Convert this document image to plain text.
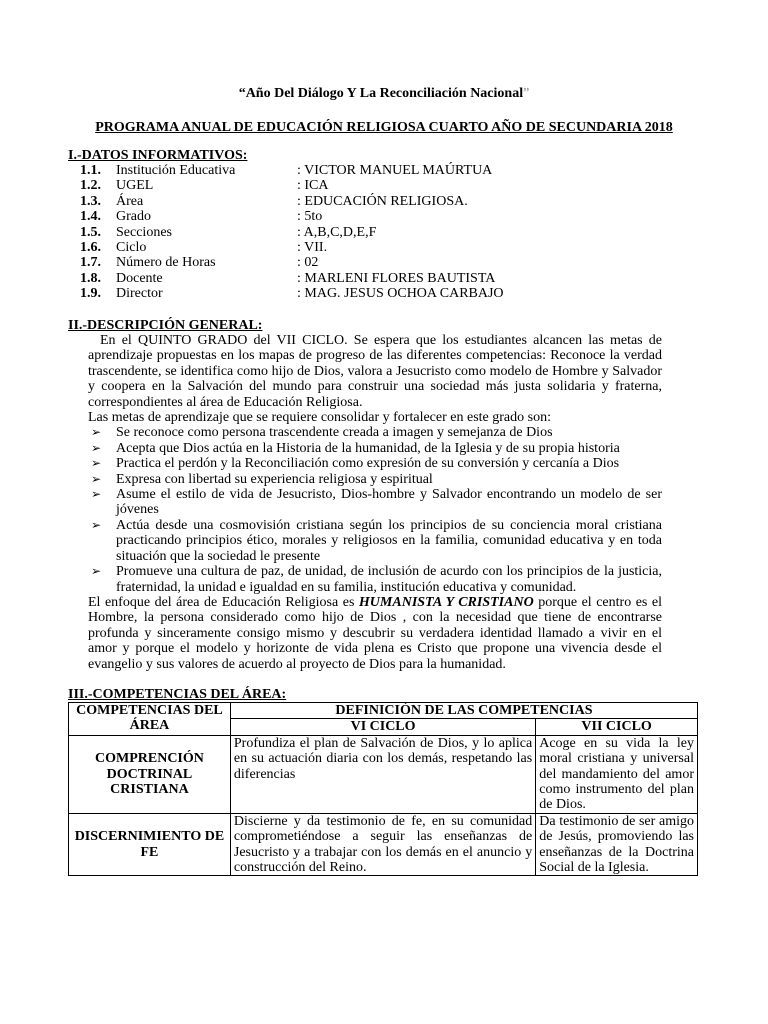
“Año Del Diálogo Y La Reconciliación Nacional”
PROGRAMA ANUAL DE EDUCACIÓN RELIGIOSA CUARTO AÑO DE SECUNDARIA 2018
I.-DATOS INFORMATIVOS:
1.1. Institución Educativa	: VICTOR MANUEL MAÚRTUA
1.2. UGEL	: ICA
1.3. Área	: EDUCACIÓN RELIGIOSA.
1.4. Grado	: 5to
1.5. Secciones	: A,B,C,D,E,F
1.6. Ciclo	: VII.
1.7. Número de Horas	: 02
1.8. Docente	: MARLENI FLORES BAUTISTA
1.9. Director	: MAG. JESUS OCHOA CARBAJO
II.-DESCRIPCIÓN GENERAL:
En el QUINTO GRADO del VII CICLO. Se espera que los estudiantes alcancen las metas de aprendizaje propuestas en los mapas de progreso de las diferentes competencias: Reconoce la verdad trascendente, se identifica como hijo de Dios, valora a Jesucristo como modelo de Hombre y Salvador y coopera en la Salvación del mundo para construir una sociedad más justa solidaria y fraterna, correspondientes al área de Educación Religiosa.
Las metas de aprendizaje que se requiere consolidar y fortalecer en este grado son:
➢ Se reconoce como persona trascendente creada a imagen y semejanza de Dios
➢ Acepta que Dios actúa en la Historia de la humanidad, de la Iglesia y de su propia historia
➢ Practica el perdón y la Reconciliación como expresión de su conversión y cercanía a Dios
➢ Expresa con libertad su experiencia religiosa y espiritual
➢ Asume el estilo de vida de Jesucristo, Dios-hombre y Salvador encontrando un modelo de ser jóvenes
➢ Actúa desde una cosmovisión cristiana según los principios de su conciencia moral cristiana practicando principios ético, morales y religiosos en la familia, comunidad educativa y en toda situación que la sociedad le presente
➢ Promueve una cultura de paz, de unidad, de inclusión de acurdo con los principios de la justicia, fraternidad, la unidad e igualdad en su familia, institución educativa y comunidad.
El enfoque del área de Educación Religiosa es HUMANISTA Y CRISTIANO porque el centro es el Hombre, la persona considerado como hijo de Dios , con la necesidad que tiene de encontrarse profunda y sinceramente consigo mismo y descubrir su verdadera identidad llamado a vivir en el amor y porque el modelo y horizonte de vida plena es Cristo que propone una vivencia desde el evangelio y sus valores de acuerdo al proyecto de Dios para la humanidad.
III.-COMPETENCIAS DEL ÁREA:
COMPETENCIAS DEL ÁREA	DEFINICIÓN DE LAS COMPETENCIAS	
	VI CICLO	VII CICLO
COMPRENCIÓN DOCTRINAL CRISTIANA	Profundiza el plan de Salvación de Dios, y lo aplica en su actuación diaria con los demás, respetando las diferencias	Acoge en su vida la ley moral cristiana y universal del mandamiento del amor como instrumento del plan de Dios.
DISCERNIMIENTO DE FE	Discierne y da testimonio de fe, en su comunidad comprometiéndose a seguir las enseñanzas de Jesucristo y a trabajar con los demás en el anuncio y construcción del Reino.	Da testimonio de ser amigo de Jesús, promoviendo las enseñanzas de la Doctrina Social de la Iglesia.
